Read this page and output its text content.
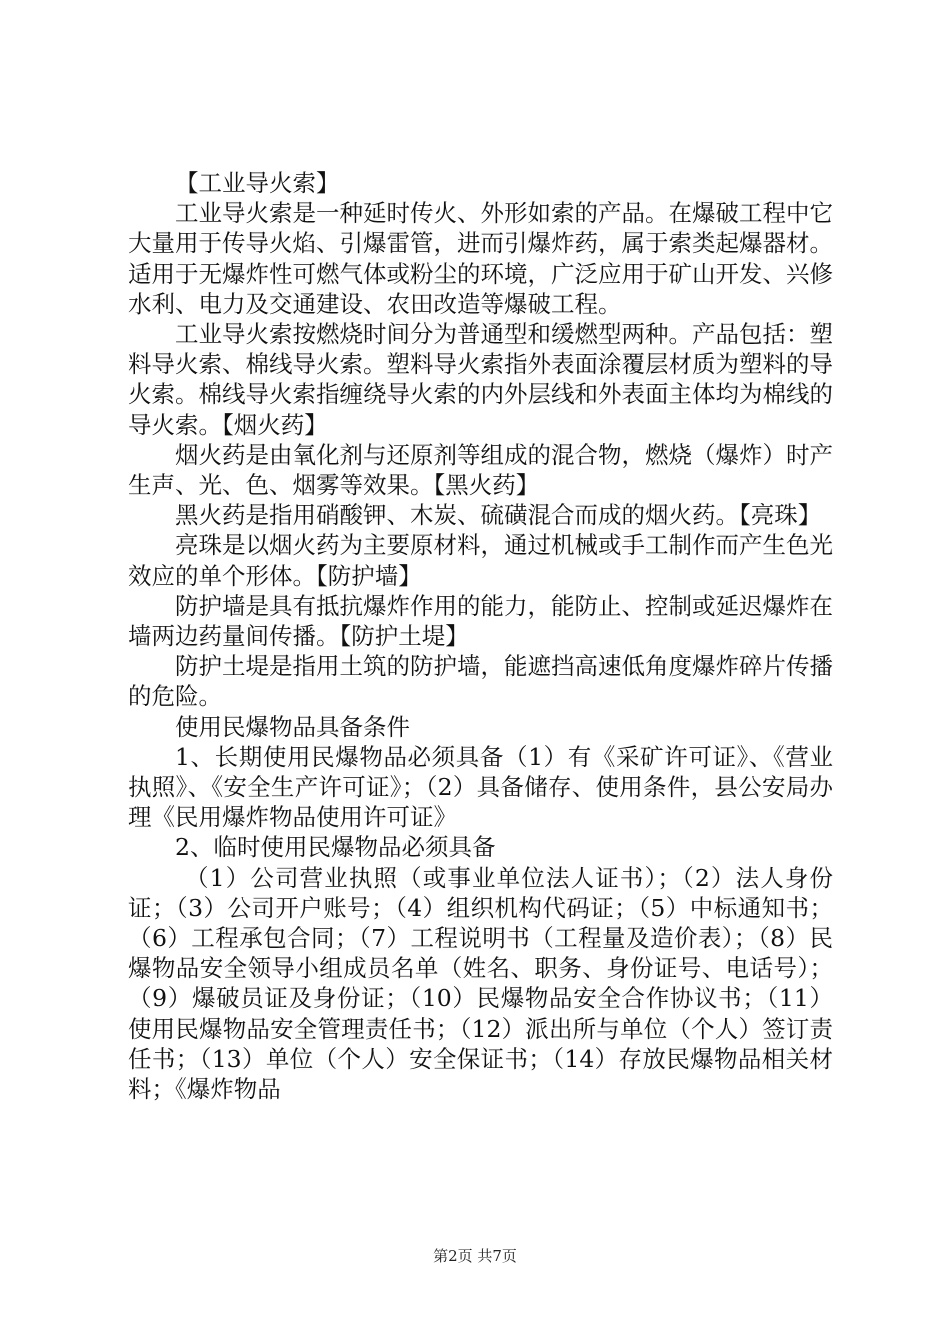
【工业导火索】

工业导火索是一种延时传火、外形如索的产品。在爆破工程中它大量用于传导火焰、引爆雷管，进而引爆炸药，属于索类起爆器材。适用于无爆炸性可燃气体或粉尘的环境，广泛应用于矿山开发、兴修水利、电力及交通建设、农田改造等爆破工程。

工业导火索按燃烧时间分为普通型和缓燃型两种。产品包括：塑料导火索、棉线导火索。塑料导火索指外表面涂覆层材质为塑料的导火索。棉线导火索指缠绕导火索的内外层线和外表面主体均为棉线的导火索。【烟火药】

烟火药是由氧化剂与还原剂等组成的混合物，燃烧（爆炸）时产生声、光、色、烟雾等效果。【黑火药】

黑火药是指用硝酸钾、木炭、硫磺混合而成的烟火药。【亮珠】

亮珠是以烟火药为主要原材料，通过机械或手工制作而产生色光效应的单个形体。【防护墙】

防护墙是具有抵抗爆炸作用的能力，能防止、控制或延迟爆炸在墙两边药量间传播。【防护土堤】

防护土堤是指用土筑的防护墙，能遮挡高速低角度爆炸碎片传播的危险。

使用民爆物品具备条件

1、长期使用民爆物品必须具备（1）有《采矿许可证》、《营业执照》、《安全生产许可证》；（2）具备储存、使用条件，县公安局办理《民用爆炸物品使用许可证》

2、临时使用民爆物品必须具备

（1）公司营业执照（或事业单位法人证书）；（2）法人身份证；（3）公司开户账号；（4）组织机构代码证；（5）中标通知书；（6）工程承包合同；（7）工程说明书（工程量及造价表）；（8）民爆物品安全领导小组成员名单（姓名、职务、身份证号、电话号）；（9）爆破员证及身份证；（10）民爆物品安全合作协议书；（11）使用民爆物品安全管理责任书；（12）派出所与单位（个人）签订责任书；（13）单位（个人）安全保证书；（14）存放民爆物品相关材料；《爆炸物品

第2页 共7页
